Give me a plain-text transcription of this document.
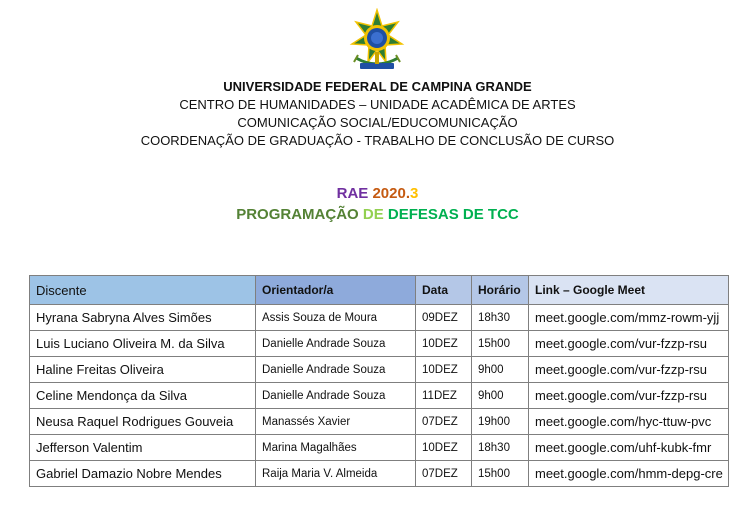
UNIVERSIDADE FEDERAL DE CAMPINA GRANDE
CENTRO DE HUMANIDADES – UNIDADE ACADÊMICA DE ARTES
COMUNICAÇÃO SOCIAL/EDUCOMUNICAÇÃO
COORDENAÇÃO DE GRADUAÇÃO - TRABALHO DE CONCLUSÃO DE CURSO
RAE 2020.3
PROGRAMAÇÃO DE DEFESAS DE TCC
Discente	Orientador/a	Data	Horário	Link – Google Meet
Hyrana Sabryna Alves Simões	Assis Souza de Moura	09DEZ	18h30	meet.google.com/mmz-rowm-yjj
Luis Luciano Oliveira M. da Silva	Danielle Andrade Souza	10DEZ	15h00	meet.google.com/vur-fzzp-rsu
Haline Freitas Oliveira	Danielle Andrade Souza	10DEZ	9h00	meet.google.com/vur-fzzp-rsu
Celine Mendonça da Silva	Danielle Andrade Souza	11DEZ	9h00	meet.google.com/vur-fzzp-rsu
Neusa Raquel Rodrigues Gouveia	Manassés Xavier	07DEZ	19h00	meet.google.com/hyc-ttuw-pvc
Jefferson Valentim	Marina Magalhães	10DEZ	18h30	meet.google.com/uhf-kubk-fmr
Gabriel Damazio Nobre Mendes	Raija Maria V. Almeida	07DEZ	15h00	meet.google.com/hmm-depg-cre
